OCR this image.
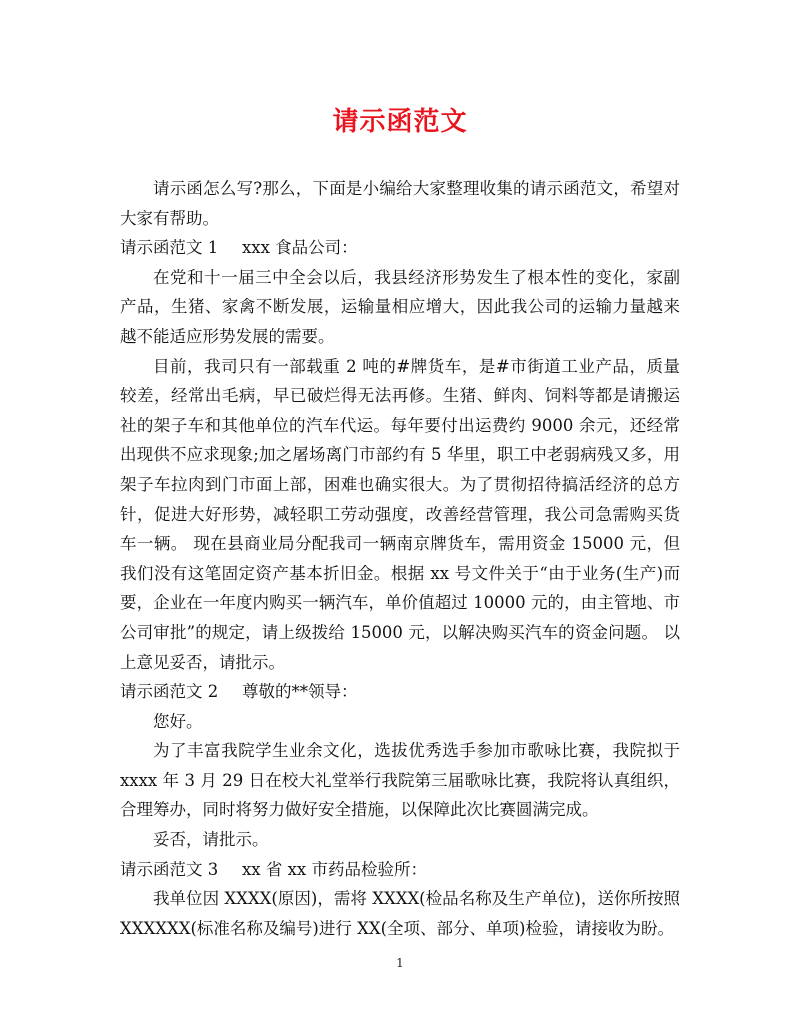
请示函范文

请示函怎么写?那么，下面是小编给大家整理收集的请示函范文，希望对大家有帮助。

请示函范文 1 xxx 食品公司：

在党和十一届三中全会以后，我县经济形势发生了根本性的变化，家副产品，生猪、家禽不断发展，运输量相应增大，因此我公司的运输力量越来越不能适应形势发展的需要。

目前，我司只有一部载重 2 吨的#牌货车，是#市街道工业产品，质量较差，经常出毛病，早已破烂得无法再修。生猪、鲜肉、饲料等都是请搬运社的架子车和其他单位的汽车代运。每年要付出运费约 9000 余元，还经常出现供不应求现象;加之屠场离门市部约有 5 华里，职工中老弱病残又多，用架子车拉肉到门市面上部，困难也确实很大。为了贯彻招待搞活经济的总方针，促进大好形势，减轻职工劳动强度，改善经营管理，我公司急需购买货车一辆。 现在县商业局分配我司一辆南京牌货车，需用资金 15000 元，但我们没有这笔固定资产基本折旧金。根据 xx 号文件关于“由于业务(生产)而要，企业在一年度内购买一辆汽车，单价值超过 10000 元的，由主管地、市公司审批”的规定，请上级拨给 15000 元，以解决购买汽车的资金问题。 以上意见妥否，请批示。

请示函范文 2 尊敬的**领导：

您好。

为了丰富我院学生业余文化，选拔优秀选手参加市歌咏比赛，我院拟于 xxxx 年 3 月 29 日在校大礼堂举行我院第三届歌咏比赛，我院将认真组织，合理筹办，同时将努力做好安全措施，以保障此次比赛圆满完成。

妥否，请批示。

请示函范文 3 xx 省 xx 市药品检验所：

我单位因 XXXX(原因)，需将 XXXX(检品名称及生产单位)，送你所按照 XXXXXX(标准名称及编号)进行 XX(全项、部分、单项)检验，请接收为盼。

1
